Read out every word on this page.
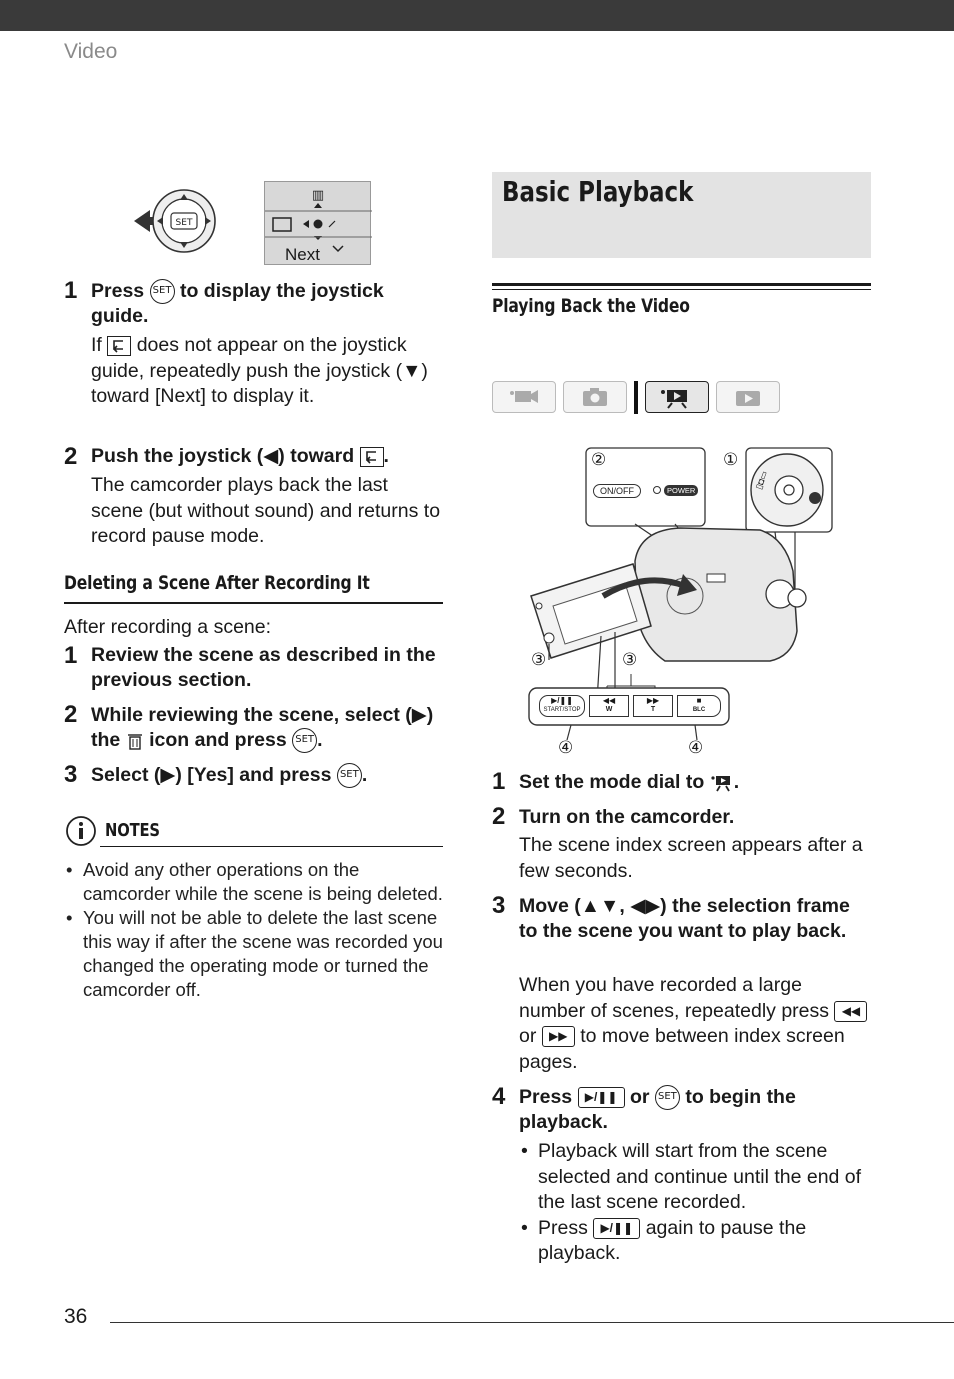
Video
SET
▥
Next
1 Press SET to display the joystick guide.
If does not appear on the joystick guide, repeatedly push the joystick (▼) toward [Next] to display it.
2 Push the joystick (◀) toward .
The camcorder plays back the last scene (but without sound) and returns to record pause mode.
Deleting a Scene After Recording It
After recording a scene:
1 Review the scene as described in the previous section.
2 While reviewing the scene, select (▶) the icon and press SET .
3 Select (▶) [Yes] and press SET .
NOTES
• Avoid any other operations on the camcorder while the scene is being deleted.
• You will not be able to delete the last scene this way if after the scene was recorded you changed the operating mode or turned the camcorder off.
Basic Playback
Playing Back the Video
▯◘▭
①
②
③	③
④	④
ON/OFF	POWER
▶/❚❚
START/STOP
◀◀
W
▶▶
T
■
BLC
1 Set the mode dial to .
2 Turn on the camcorder.
The scene index screen appears after a few seconds.
3 Move (▲▼, ◀▶) the selection frame to the scene you want to play back.
When you have recorded a large number of scenes, repeatedly press ◀◀ or ▶▶ to move between index screen pages.
4 Press ▶/❚❚ or SET to begin the playback.
• Playback will start from the scene selected and continue until the end of the last scene recorded.
• Press ▶/❚❚ again to pause the playback.
36
